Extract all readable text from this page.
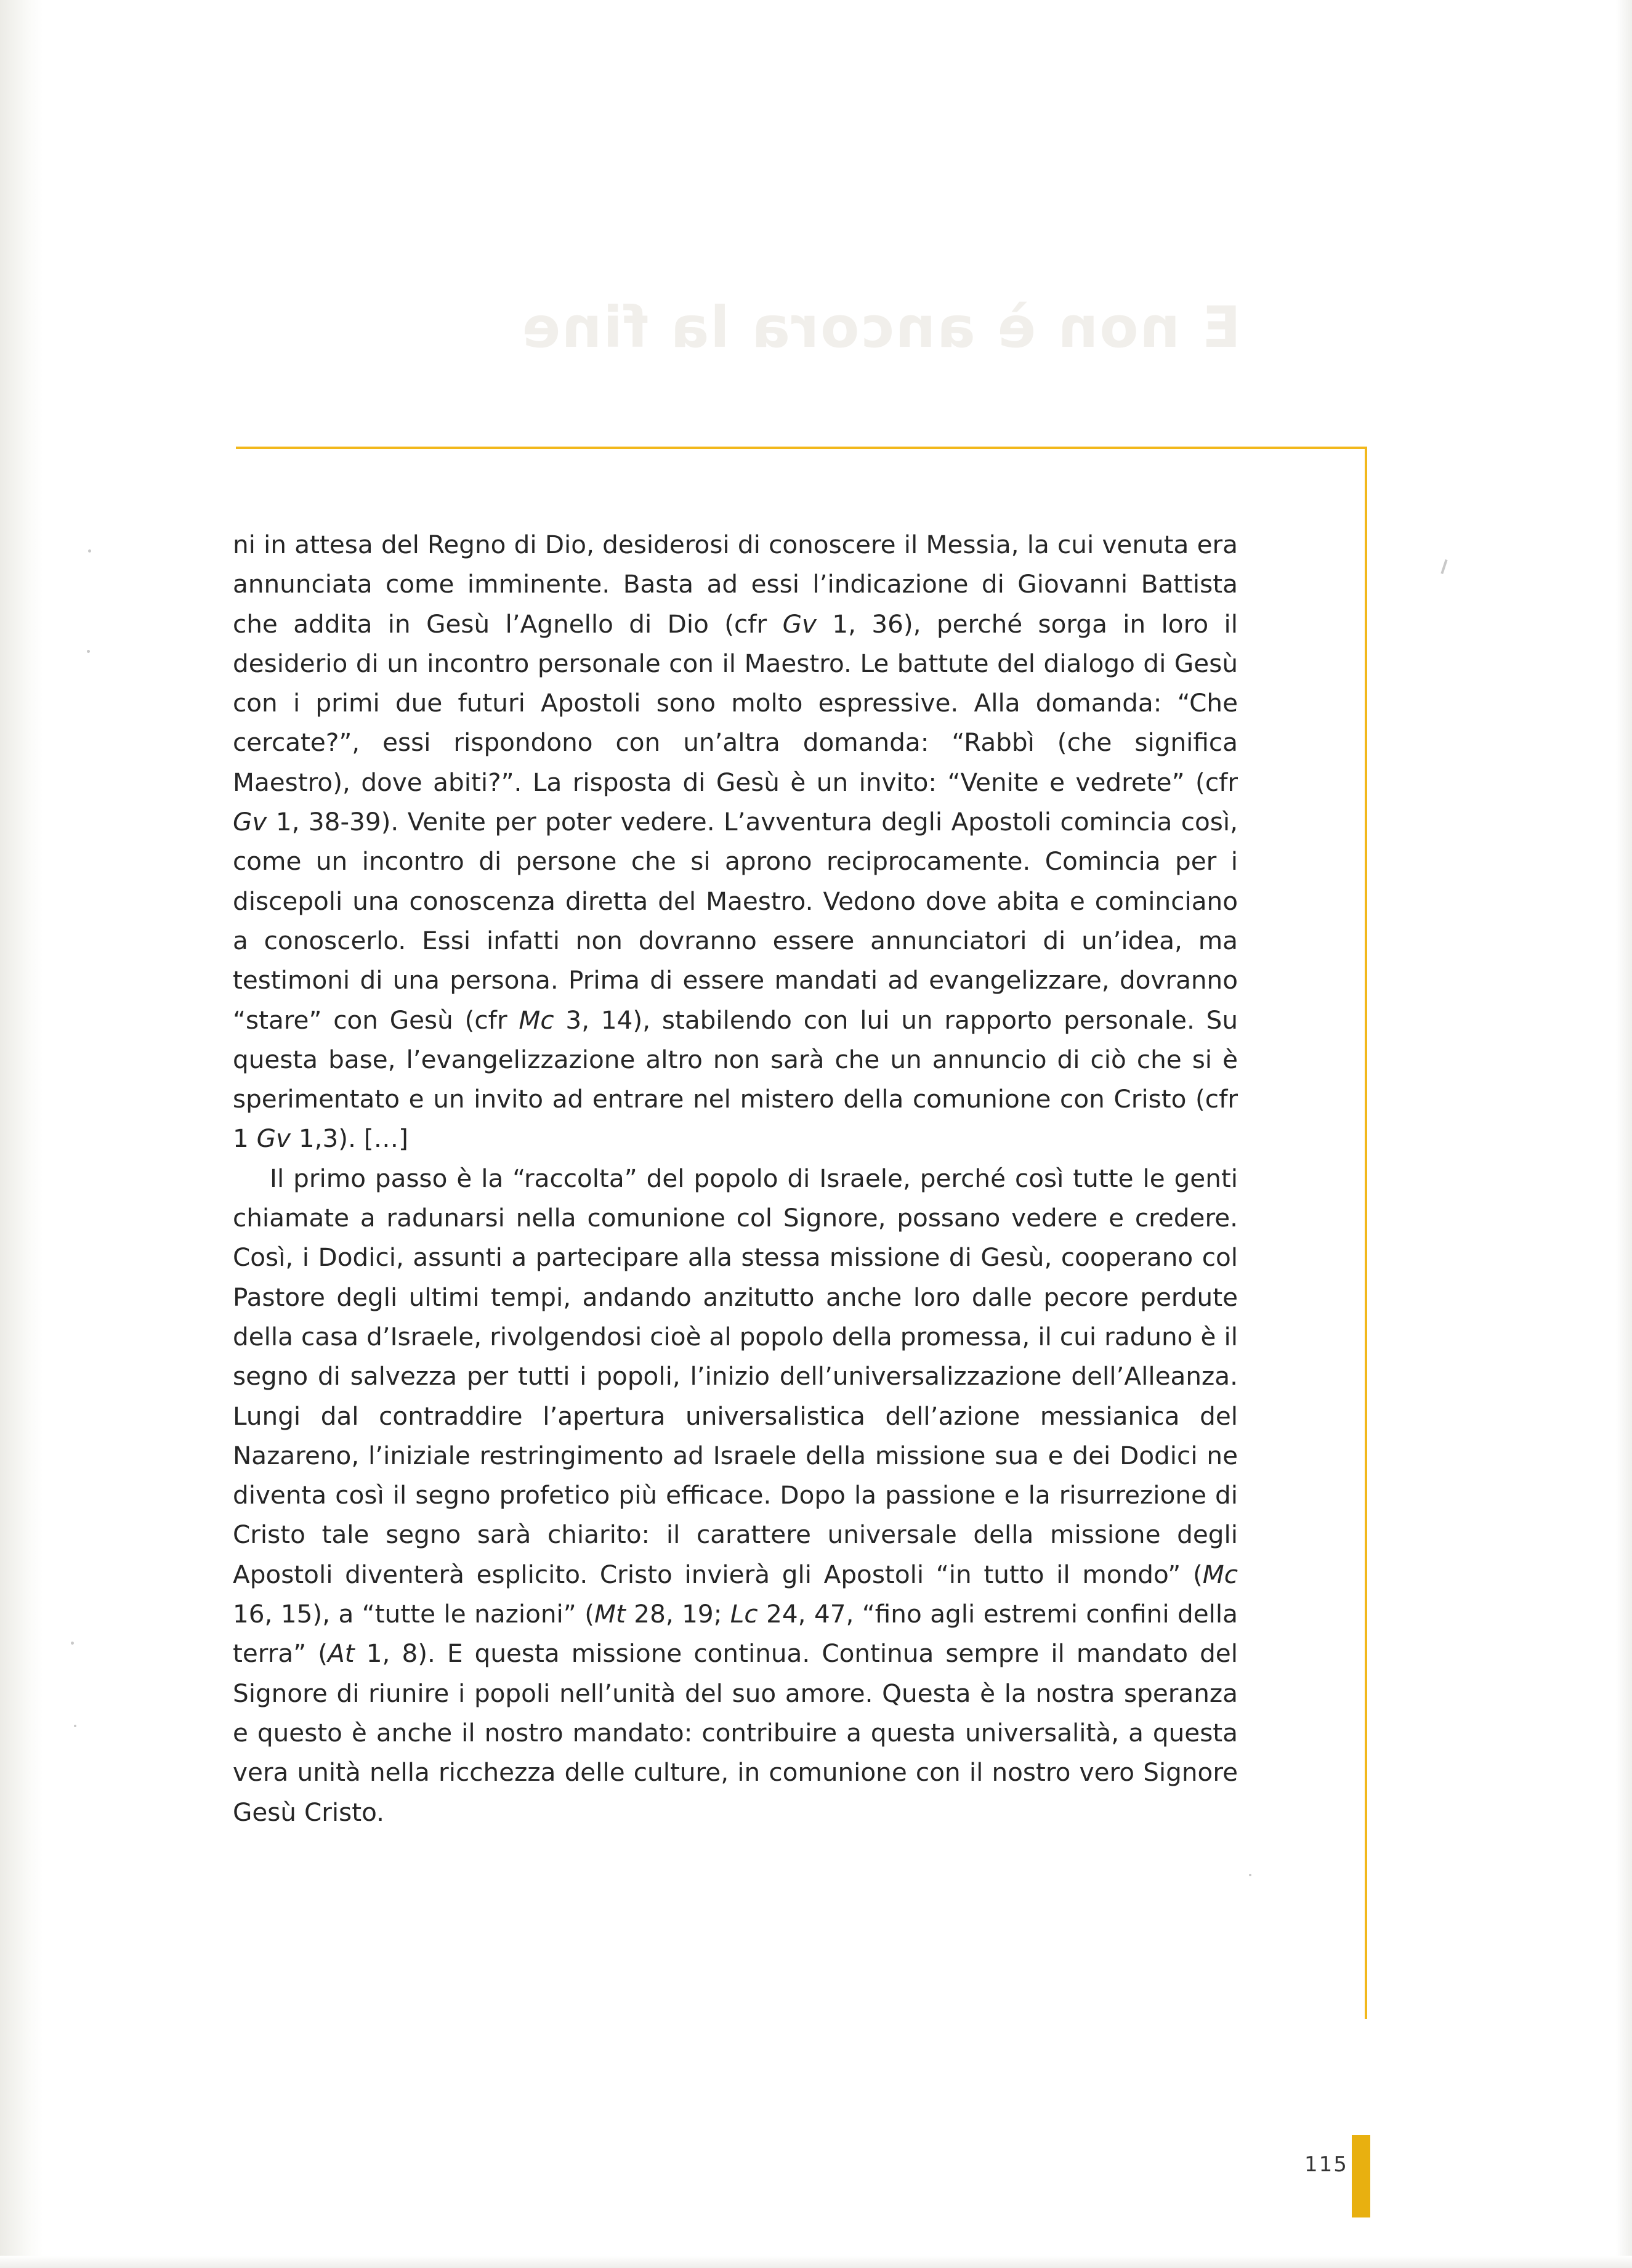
E non è ancora la fine

ni in attesa del Regno di Dio, desiderosi di conoscere il Messia, la cui venuta era annunciata come imminente. Basta ad essi l’indicazione di Giovanni Battista che addita in Gesù l’Agnello di Dio (cfr Gv 1, 36), perché sorga in loro il desiderio di un incontro personale con il Maestro. Le battute del dialogo di Gesù con i primi due futuri Apostoli sono molto espressive. Alla domanda: “Che cercate?”, essi rispondono con un’altra domanda: “Rabbì (che significa Maestro), dove abiti?”. La risposta di Gesù è un invito: “Venite e vedrete” (cfr Gv 1, 38-39). Venite per poter vedere. L’avventura degli Apostoli comincia così, come un incontro di persone che si aprono reciprocamente. Comincia per i discepoli una conoscenza diretta del Maestro. Vedono dove abita e cominciano a conoscerlo. Essi infatti non dovranno essere annunciatori di un’idea, ma testimoni di una persona. Prima di essere mandati ad evangelizzare, dovranno “stare” con Gesù (cfr Mc 3, 14), stabilendo con lui un rapporto personale. Su questa base, l’evangelizzazione altro non sarà che un annuncio di ciò che si è sperimentato e un invito ad entrare nel mistero della comunione con Cristo (cfr 1 Gv 1,3). […]

Il primo passo è la “raccolta” del popolo di Israele, perché così tutte le genti chiamate a radunarsi nella comunione col Signore, possano vedere e credere. Così, i Dodici, assunti a partecipare alla stessa missione di Gesù, cooperano col Pastore degli ultimi tempi, andando anzitutto anche loro dalle pecore perdute della casa d’Israele, rivolgendosi cioè al popolo della promessa, il cui raduno è il segno di salvezza per tutti i popoli, l’inizio dell’universalizzazione dell’Alleanza. Lungi dal contraddire l’apertura universalistica dell’azione messianica del Nazareno, l’iniziale restringimento ad Israele della missione sua e dei Dodici ne diventa così il segno profetico più efficace. Dopo la passione e la risurrezione di Cristo tale segno sarà chiarito: il carattere universale della missione degli Apostoli diventerà esplicito. Cristo invierà gli Apostoli “in tutto il mondo” (Mc 16, 15), a “tutte le nazioni” (Mt 28, 19; Lc 24, 47, “fino agli estremi confini della terra” (At 1, 8). E questa missione continua. Continua sempre il mandato del Signore di riunire i popoli nell’unità del suo amore. Questa è la nostra speranza e questo è anche il nostro mandato: contribuire a questa universalità, a questa vera unità nella ricchezza delle culture, in comunione con il nostro vero Signore Gesù Cristo.

115
